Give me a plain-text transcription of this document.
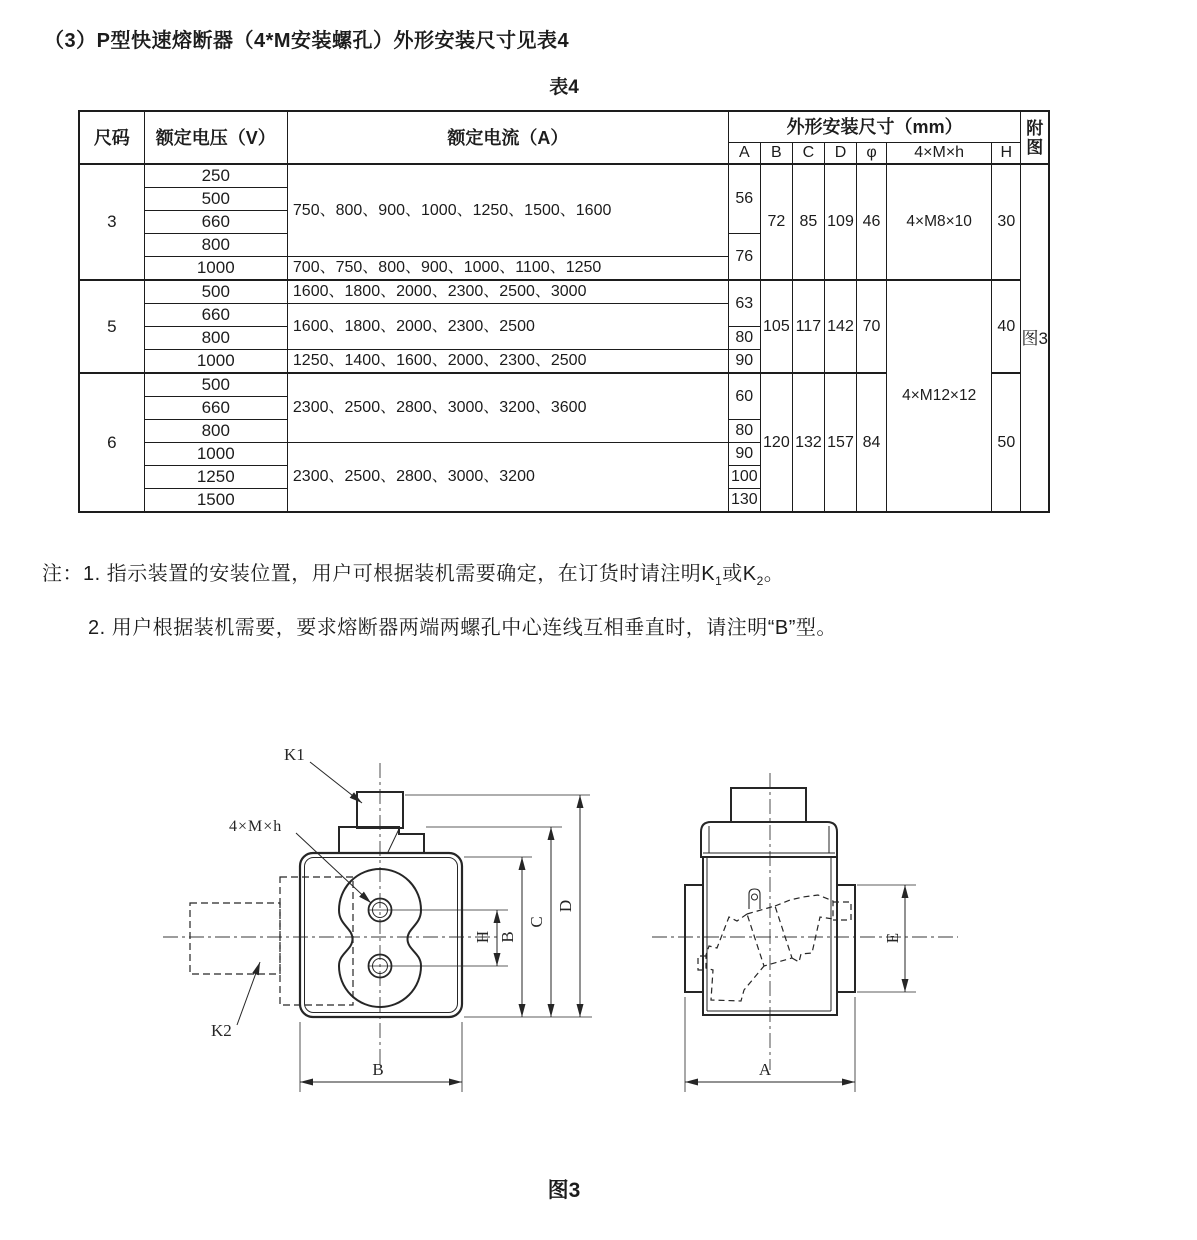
（3）P型快速熔断器（4*M安装螺孔）外形安装尺寸见表4
表4
尺码	额定电压（V）	额定电流（A）	外形安装尺寸（mm）							附图
			A	B	C	D	φ	4×M×h	H	
3	250	750、800、900、1000、1250、1500、1600	56	72	85	109	46	4×M8×10	30	图3
	500									
	660									
	800		76							
	1000	700、750、800、900、1000、1100、1250								
5	500	1600、1800、2000、2300、2500、3000	63	105	117	142	70	4×M12×12	40	
	660	1600、1800、2000、2300、2500								
	800		80							
	1000	1250、1400、1600、2000、2300、2500	90							
6	500	2300、2500、2800、3000、3200、3600	60	120	132	157	84		50	
	660									
	800		80							
	1000	2300、2500、2800、3000、3200	90							
	1250		100							
	1500		130							
注：1. 指示装置的安装位置，用户可根据装机需要确定，在订货时请注明$K_1$或$K_2$。
2. 用户根据装机需要，要求熔断器两端两螺孔中心连线互相垂直时，请注明“B”型。
K1
4×M×h
K2
H B
C
D
B
E
A
图3
